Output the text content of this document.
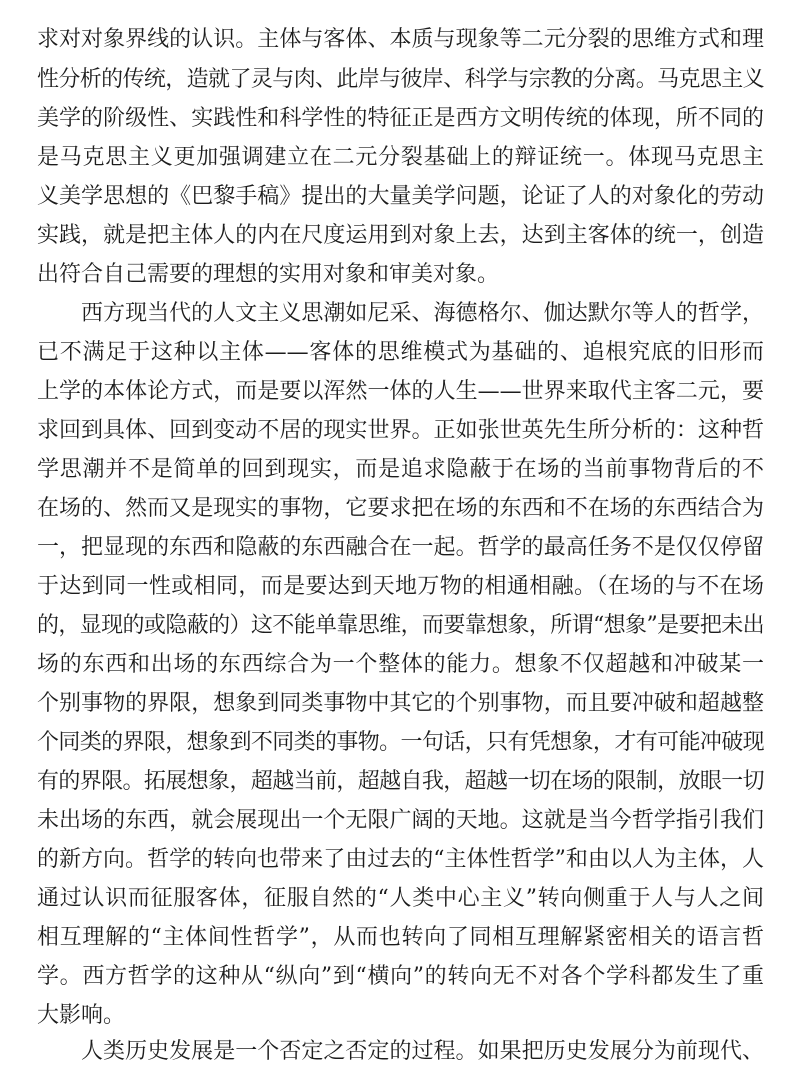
求对对象界线的认识。主体与客体、本质与现象等二元分裂的思维方式和理
性分析的传统，造就了灵与肉、此岸与彼岸、科学与宗教的分离。马克思主义
美学的阶级性、实践性和科学性的特征正是西方文明传统的体现，所不同的
是马克思主义更加强调建立在二元分裂基础上的辩证统一。体现马克思主
义美学思想的《巴黎手稿》提出的大量美学问题，论证了人的对象化的劳动
实践，就是把主体人的内在尺度运用到对象上去，达到主客体的统一，创造
出符合自己需要的理想的实用对象和审美对象。
西方现当代的人文主义思潮如尼采、海德格尔、伽达默尔等人的哲学，
已不满足于这种以主体——客体的思维模式为基础的、追根究底的旧形而
上学的本体论方式，而是要以浑然一体的人生——世界来取代主客二元，要
求回到具体、回到变动不居的现实世界。正如张世英先生所分析的：这种哲
学思潮并不是简单的回到现实，而是追求隐蔽于在场的当前事物背后的不
在场的、然而又是现实的事物，它要求把在场的东西和不在场的东西结合为
一，把显现的东西和隐蔽的东西融合在一起。哲学的最高任务不是仅仅停留
于达到同一性或相同，而是要达到天地万物的相通相融。（在场的与不在场
的，显现的或隐蔽的）这不能单靠思维，而要靠想象，所谓“想象”是要把未出
场的东西和出场的东西综合为一个整体的能力。想象不仅超越和冲破某一
个别事物的界限，想象到同类事物中其它的个别事物，而且要冲破和超越整
个同类的界限，想象到不同类的事物。一句话，只有凭想象，才有可能冲破现
有的界限。拓展想象，超越当前，超越自我，超越一切在场的限制，放眼一切
未出场的东西，就会展现出一个无限广阔的天地。这就是当今哲学指引我们
的新方向。哲学的转向也带来了由过去的“主体性哲学”和由以人为主体，人
通过认识而征服客体，征服自然的“人类中心主义”转向侧重于人与人之间
相互理解的“主体间性哲学”，从而也转向了同相互理解紧密相关的语言哲
学。西方哲学的这种从“纵向”到“横向”的转向无不对各个学科都发生了重
大影响。
人类历史发展是一个否定之否定的过程。如果把历史发展分为前现代、
